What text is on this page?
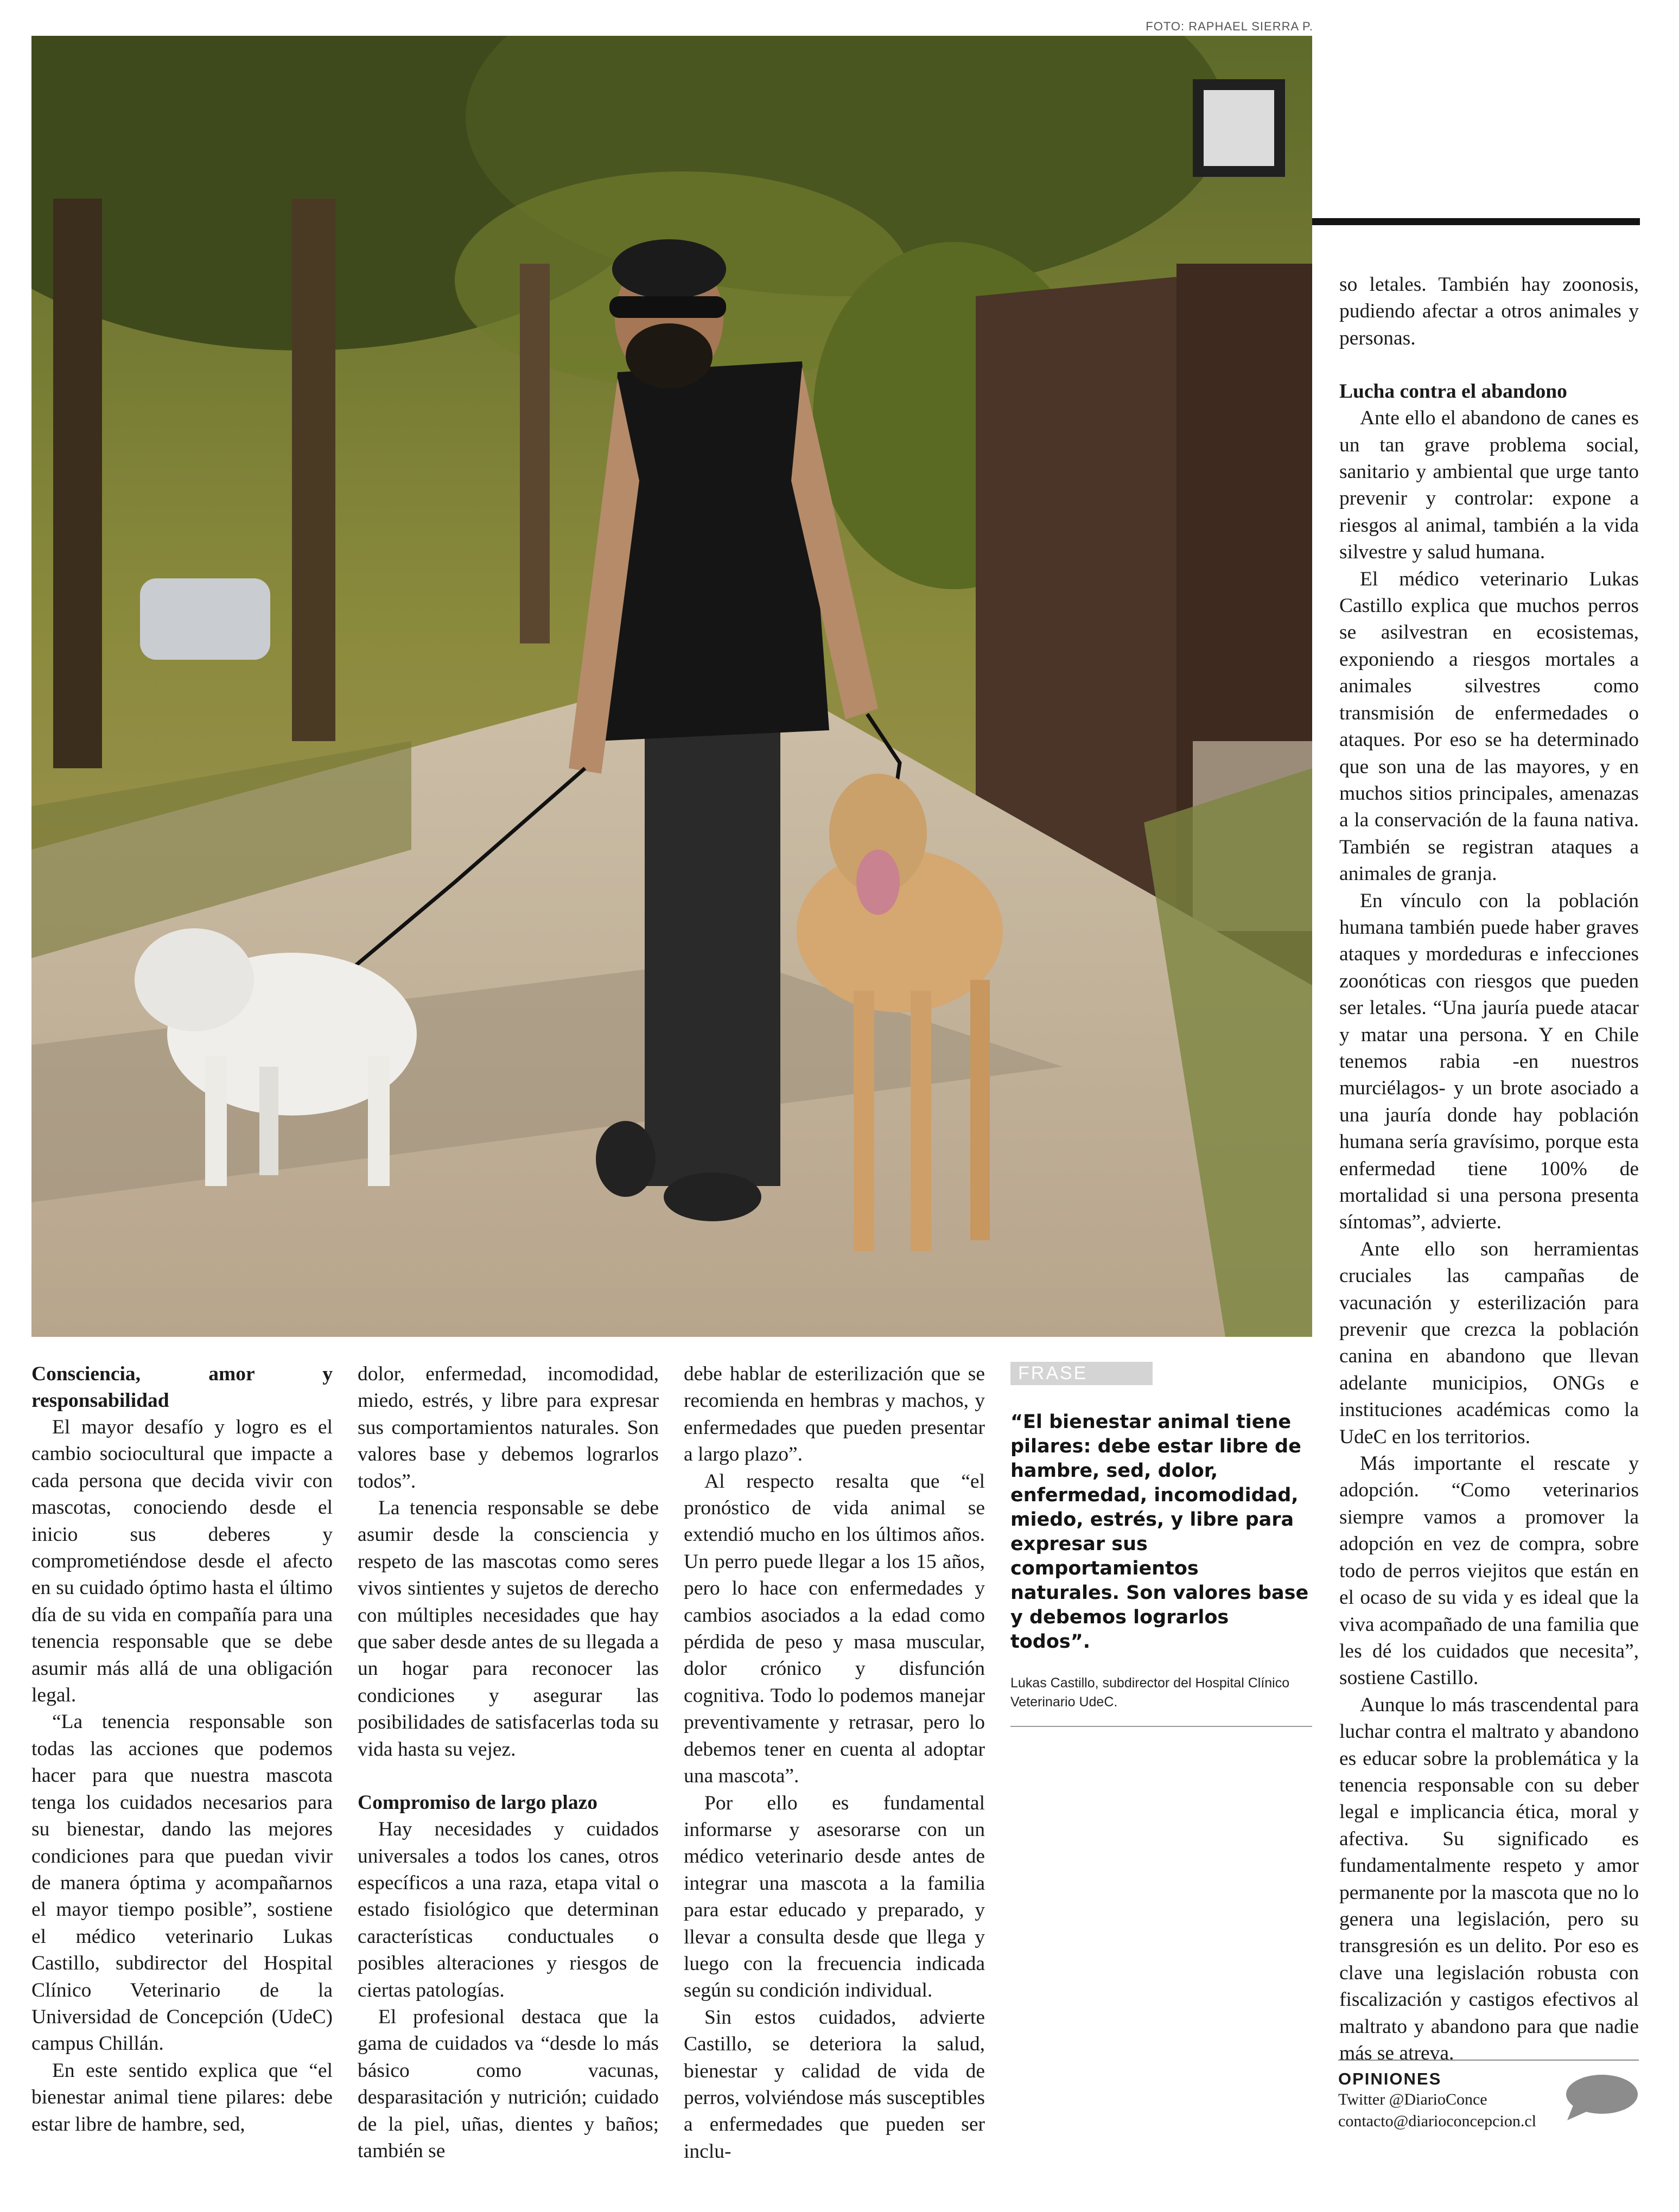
FOTO: RAPHAEL SIERRA P.
Consciencia, amor y responsabilidad

El mayor desafío y logro es el cambio sociocultural que impacte a cada persona que decida vivir con mascotas, conociendo desde el inicio sus deberes y comprometiéndose desde el afecto en su cuidado óptimo hasta el último día de su vida en compañía para una tenencia responsable que se debe asumir más allá de una obligación legal.

“La tenencia responsable son todas las acciones que podemos hacer para que nuestra mascota tenga los cuidados necesarios para su bienestar, dando las mejores condiciones para que puedan vivir de manera óptima y acompañarnos el mayor tiempo posible”, sostiene el médico veterinario Lukas Castillo, subdirector del Hospital Clínico Veterinario de la Universidad de Concepción (UdeC) campus Chillán.

En este sentido explica que “el bienestar animal tiene pilares: debe estar libre de hambre, sed,

dolor, enfermedad, incomodidad, miedo, estrés, y libre para expresar sus comportamientos naturales. Son valores base y debemos lograrlos todos”.

La tenencia responsable se debe asumir desde la consciencia y respeto de las mascotas como seres vivos sintientes y sujetos de derecho con múltiples necesidades que hay que saber desde antes de su llegada a un hogar para reconocer las condiciones y asegurar las posibilidades de satisfacerlas toda su vida hasta su vejez.

Compromiso de largo plazo

Hay necesidades y cuidados universales a todos los canes, otros específicos a una raza, etapa vital o estado fisiológico que determinan características conductuales o posibles alteraciones y riesgos de ciertas patologías.

El profesional destaca que la gama de cuidados va “desde lo más básico como vacunas, desparasitación y nutrición; cuidado de la piel, uñas, dientes y baños; también se

debe hablar de esterilización que se recomienda en hembras y machos, y enfermedades que pueden presentar a largo plazo”.

Al respecto resalta que “el pronóstico de vida animal se extendió mucho en los últimos años. Un perro puede llegar a los 15 años, pero lo hace con enfermedades y cambios asociados a la edad como pérdida de peso y masa muscular, dolor crónico y disfunción cognitiva. Todo lo podemos manejar preventivamente y retrasar, pero lo debemos tener en cuenta al adoptar una mascota”.

Por ello es fundamental informarse y asesorarse con un médico veterinario desde antes de integrar una mascota a la familia para estar educado y preparado, y llevar a consulta desde que llega y luego con la frecuencia indicada según su condición individual.

Sin estos cuidados, advierte Castillo, se deteriora la salud, bienestar y calidad de vida de perros, volviéndose más susceptibles a enfermedades que pueden ser inclu-

FRASE
“El bienestar animal tiene pilares: debe estar libre de hambre, sed, dolor, enfermedad, incomodidad, miedo, estrés, y libre para expresar sus comportamientos naturales. Son valores base y debemos lograrlos todos”.
Lukas Castillo, subdirector del Hospital Clínico Veterinario UdeC.

so letales. También hay zoonosis, pudiendo afectar a otros animales y personas.

Lucha contra el abandono

Ante ello el abandono de canes es un tan grave problema social, sanitario y ambiental que urge tanto prevenir y controlar: expone a riesgos al animal, también a la vida silvestre y salud humana.

El médico veterinario Lukas Castillo explica que muchos perros se asilvestran en ecosistemas, exponiendo a riesgos mortales a animales silvestres como transmisión de enfermedades o ataques. Por eso se ha determinado que son una de las mayores, y en muchos sitios principales, amenazas a la conservación de la fauna nativa. También se registran ataques a animales de granja.

En vínculo con la población humana también puede haber graves ataques y mordeduras e infecciones zoonóticas con riesgos que pueden ser letales. “Una jauría puede atacar y matar una persona. Y en Chile tenemos rabia -en nuestros murciélagos- y un brote asociado a una jauría donde hay población humana sería gravísimo, porque esta enfermedad tiene 100% de mortalidad si una persona presenta síntomas”, advierte.

Ante ello son herramientas cruciales las campañas de vacunación y esterilización para prevenir que crezca la población canina en abandono que llevan adelante municipios, ONGs e instituciones académicas como la UdeC en los territorios.

Más importante el rescate y adopción. “Como veterinarios siempre vamos a promover la adopción en vez de compra, sobre todo de perros viejitos que están en el ocaso de su vida y es ideal que la viva acompañado de una familia que les dé los cuidados que necesita”, sostiene Castillo.

Aunque lo más trascendental para luchar contra el maltrato y abandono es educar sobre la problemática y la tenencia responsable con su deber legal e implicancia ética, moral y afectiva. Su significado es fundamentalmente respeto y amor permanente por la mascota que no lo genera una legislación, pero su transgresión es un delito. Por eso es clave una legislación robusta con fiscalización y castigos efectivos al maltrato y abandono para que nadie más se atreva.

OPINIONES
Twitter @DiarioConce
contacto@diarioconcepcion.cl
